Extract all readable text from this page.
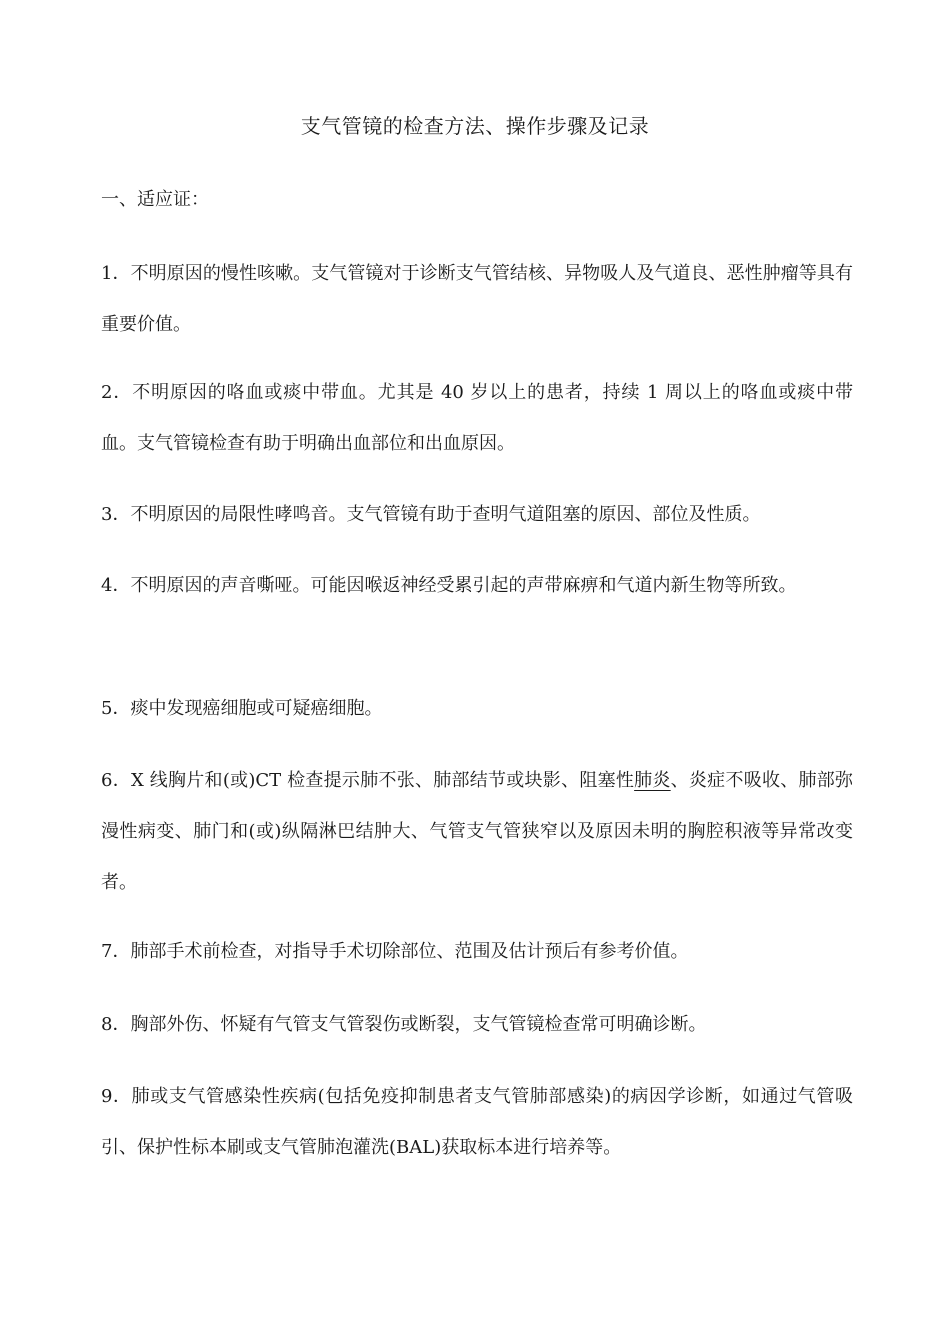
支气管镜的检查方法、操作步骤及记录
一、适应证：
1．不明原因的慢性咳嗽。支气管镜对于诊断支气管结核、异物吸人及气道良、恶性肿瘤等具有重要价值。
2．不明原因的咯血或痰中带血。尤其是 40 岁以上的患者，持续 1 周以上的咯血或痰中带血。支气管镜检查有助于明确出血部位和出血原因。
3．不明原因的局限性哮鸣音。支气管镜有助于查明气道阻塞的原因、部位及性质。
4．不明原因的声音嘶哑。可能因喉返神经受累引起的声带麻痹和气道内新生物等所致。
5．痰中发现癌细胞或可疑癌细胞。
6．X 线胸片和(或)CT 检查提示肺不张、肺部结节或块影、阻塞性肺炎、炎症不吸收、肺部弥漫性病变、肺门和(或)纵隔淋巴结肿大、气管支气管狭窄以及原因未明的胸腔积液等异常改变者。
7．肺部手术前检查，对指导手术切除部位、范围及估计预后有参考价值。
8．胸部外伤、怀疑有气管支气管裂伤或断裂，支气管镜检查常可明确诊断。
9．肺或支气管感染性疾病(包括免疫抑制患者支气管肺部感染)的病因学诊断，如通过气管吸引、保护性标本刷或支气管肺泡灌洗(BAL)获取标本进行培养等。
